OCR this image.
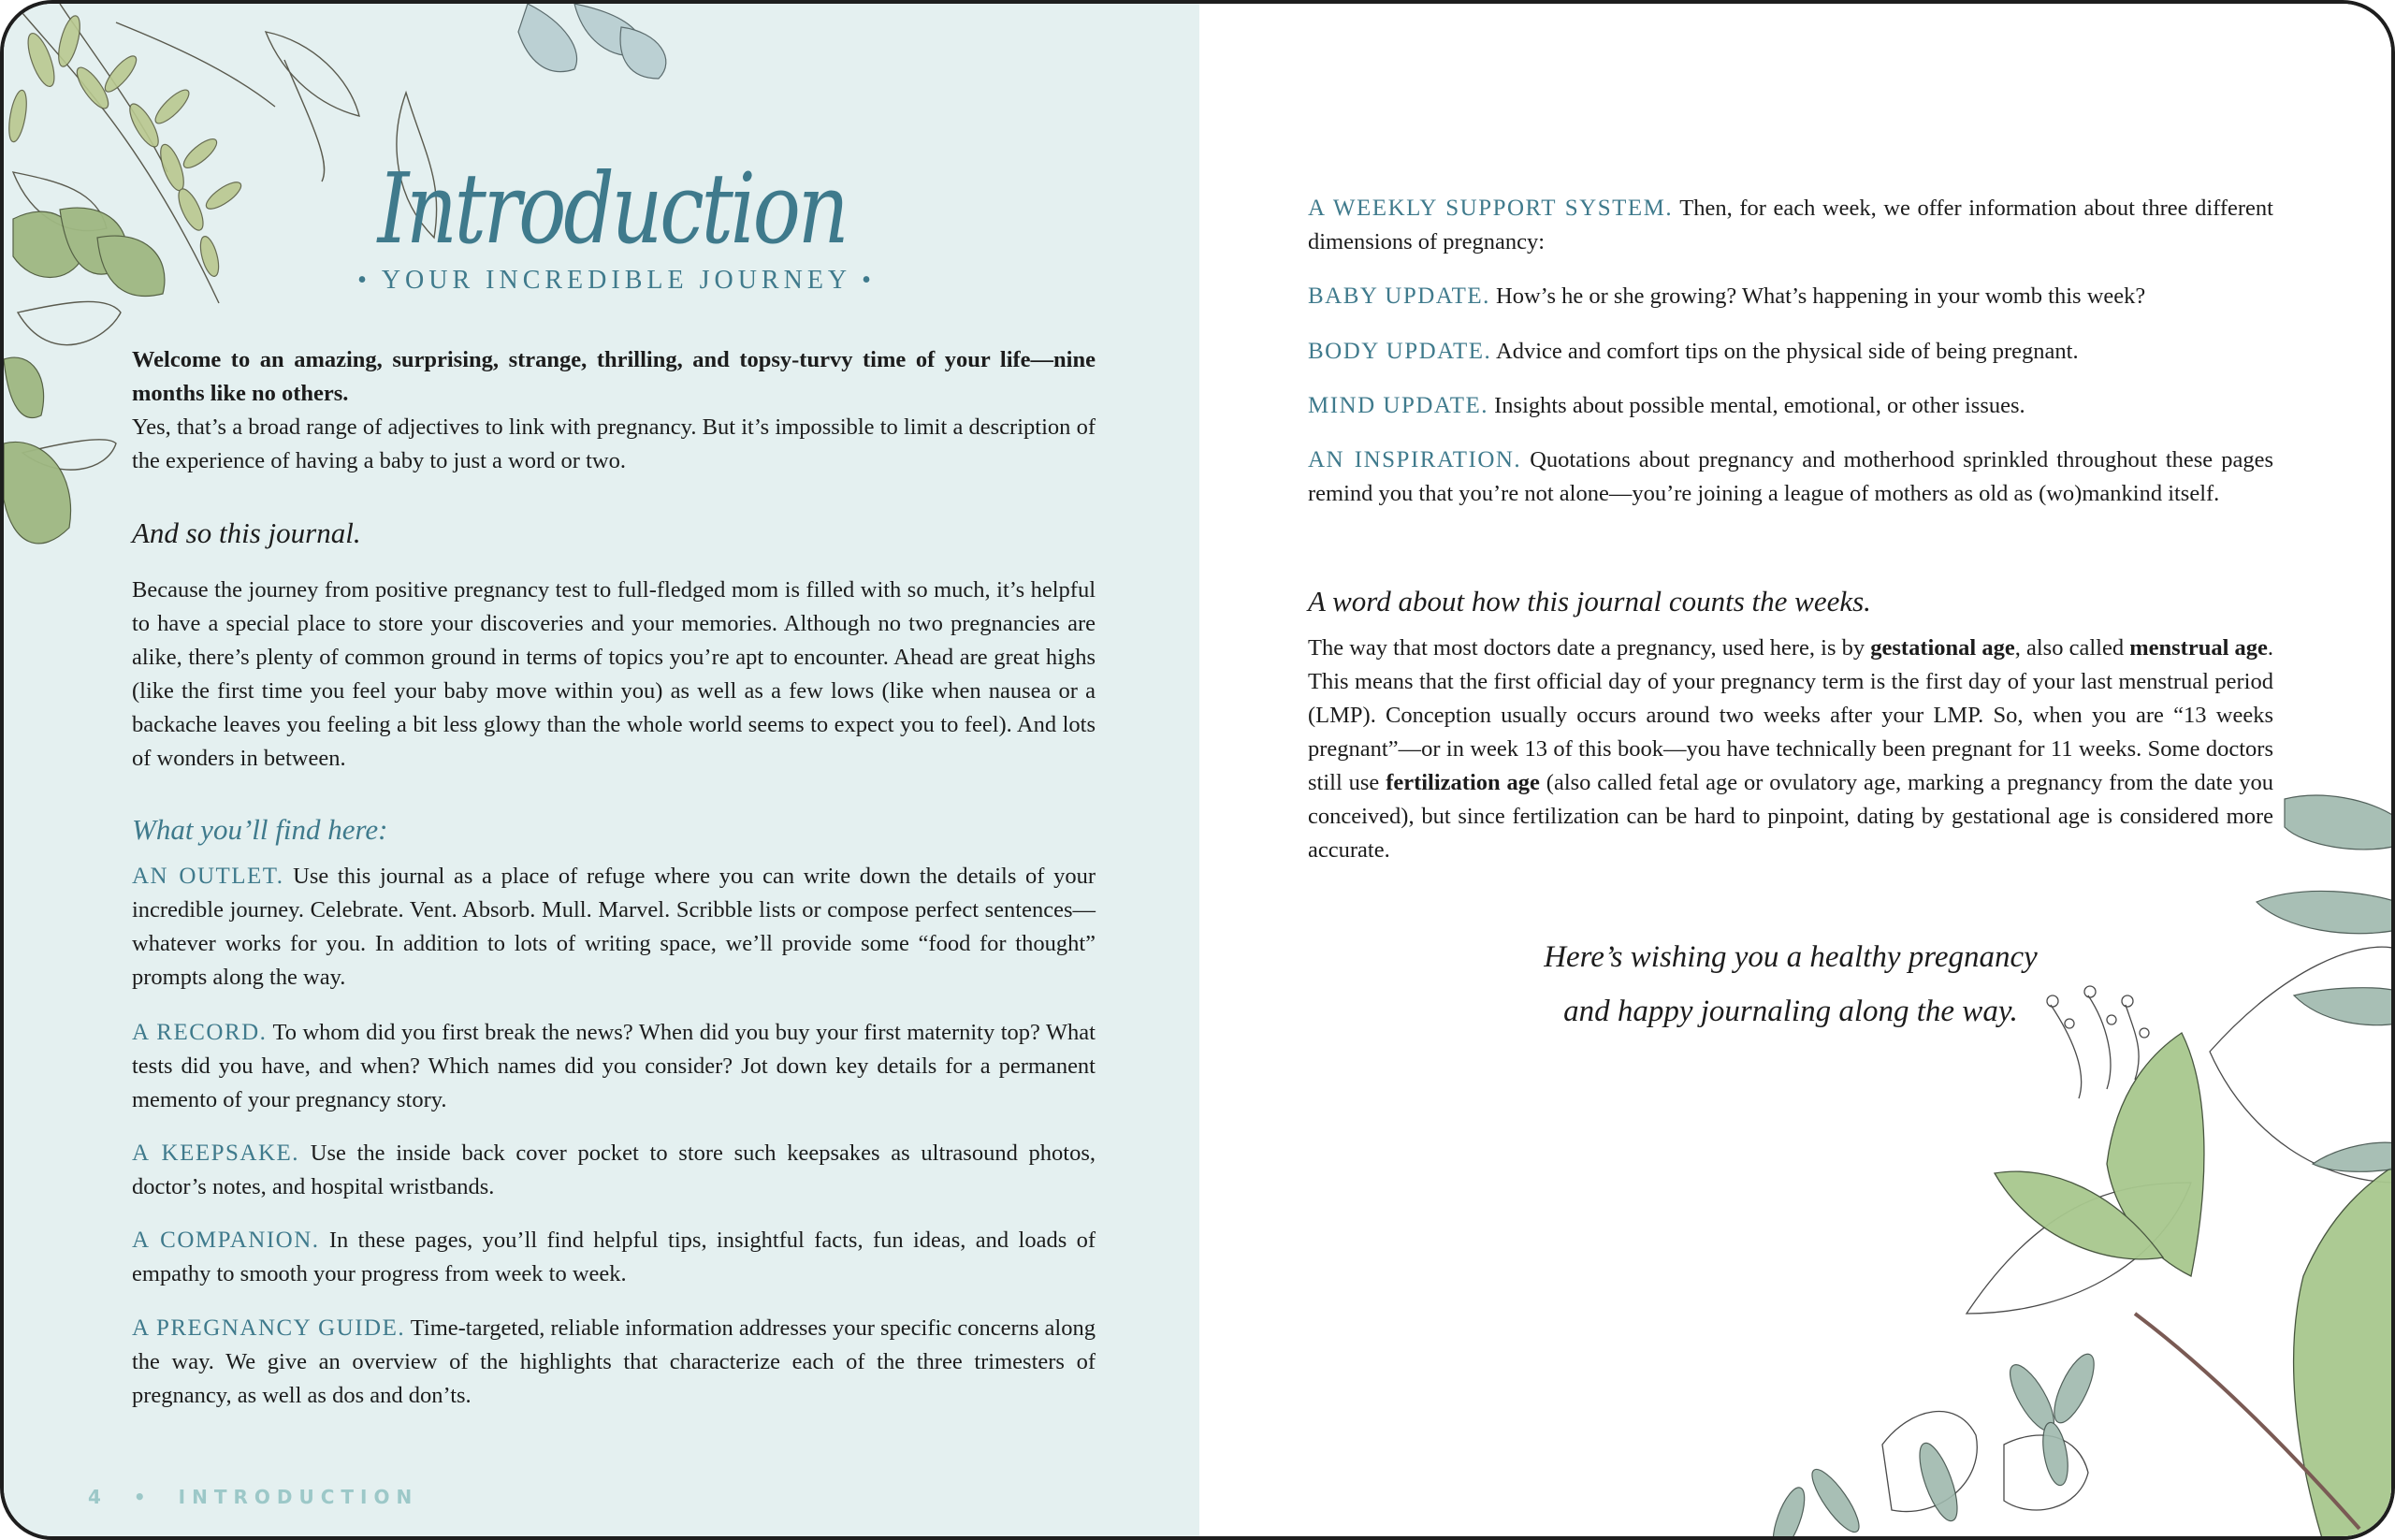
Introduction
• YOUR INCREDIBLE JOURNEY •

Welcome to an amazing, surprising, strange, thrilling, and topsy-turvy time of your life—nine months like no others.

Yes, that’s a broad range of adjectives to link with pregnancy. But it’s impossible to limit a description of the experience of having a baby to just a word or two.

And so this journal.
Because the journey from positive pregnancy test to full-fledged mom is filled with so much, it’s helpful to have a special place to store your discoveries and your memories. Although no two pregnancies are alike, there’s plenty of common ground in terms of topics you’re apt to encounter. Ahead are great highs (like the first time you feel your baby move within you) as well as a few lows (like when nausea or a backache leaves you feeling a bit less glowy than the whole world seems to expect you to feel). And lots of wonders in between.
What you’ll find here:
AN OUTLET. Use this journal as a place of refuge where you can write down the details of your incredible journey. Celebrate. Vent. Absorb. Mull. Marvel. Scribble lists or compose perfect sentences—whatever works for you. In addition to lots of writing space, we’ll provide some “food for thought” prompts along the way.
A RECORD. To whom did you first break the news? When did you buy your first maternity top? What tests did you have, and when? Which names did you consider? Jot down key details for a permanent memento of your pregnancy story.
A KEEPSAKE. Use the inside back cover pocket to store such keepsakes as ultrasound photos, doctor’s notes, and hospital wristbands.
A COMPANION. In these pages, you’ll find helpful tips, insightful facts, fun ideas, and loads of empathy to smooth your progress from week to week.
A PREGNANCY GUIDE. Time-targeted, reliable information addresses your specific concerns along the way. We give an overview of the highlights that characterize each of the three trimesters of pregnancy, as well as dos and don’ts.
4 • INTRODUCTION
A WEEKLY SUPPORT SYSTEM. Then, for each week, we offer information about three different dimensions of pregnancy:
BABY UPDATE. How’s he or she growing? What’s happening in your womb this week?
BODY UPDATE. Advice and comfort tips on the physical side of being pregnant.
MIND UPDATE. Insights about possible mental, emotional, or other issues.
AN INSPIRATION. Quotations about pregnancy and motherhood sprinkled throughout these pages remind you that you’re not alone—you’re joining a league of mothers as old as (wo)mankind itself.
A word about how this journal counts the weeks.
The way that most doctors date a pregnancy, used here, is by gestational age, also called menstrual age. This means that the first official day of your pregnancy term is the first day of your last menstrual period (LMP). Conception usually occurs around two weeks after your LMP. So, when you are “13 weeks pregnant”—or in week 13 of this book—you have technically been pregnant for 11 weeks. Some doctors still use fertilization age (also called fetal age or ovulatory age, marking a pregnancy from the date you conceived), but since fertilization can be hard to pinpoint, dating by gestational age is considered more accurate.
Here’s wishing you a healthy pregnancy
and happy journaling along the way.
